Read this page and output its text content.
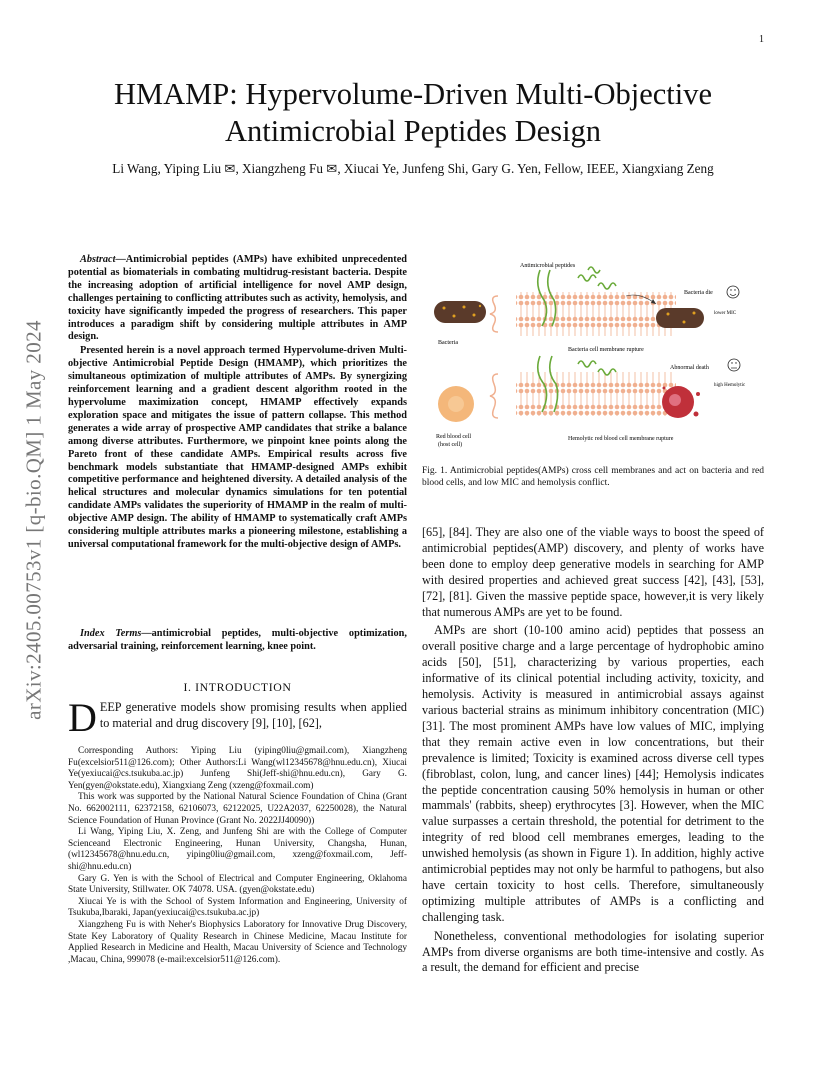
1
arXiv:2405.00753v1 [q-bio.QM] 1 May 2024
HMAMP: Hypervolume-Driven Multi-Objective Antimicrobial Peptides Design
Li Wang, Yiping Liu ✉, Xiangzheng Fu ✉, Xiucai Ye, Junfeng Shi, Gary G. Yen, Fellow, IEEE, Xiangxiang Zeng

Abstract—Antimicrobial peptides (AMPs) have exhibited unprecedented potential as biomaterials in combating multidrug-resistant bacteria. Despite the increasing adoption of artificial intelligence for novel AMP design, challenges pertaining to conflicting attributes such as activity, hemolysis, and toxicity have significantly impeded the progress of researchers. This paper introduces a paradigm shift by considering multiple attributes in AMP design.

Presented herein is a novel approach termed Hypervolume-driven Multi-objective Antimicrobial Peptide Design (HMAMP), which prioritizes the simultaneous optimization of multiple attributes of AMPs. By synergizing reinforcement learning and a gradient descent algorithm rooted in the hypervolume maximization concept, HMAMP effectively expands exploration space and mitigates the issue of pattern collapse. This method generates a wide array of prospective AMP candidates that strike a balance among diverse attributes. Furthermore, we pinpoint knee points along the Pareto front of these candidate AMPs. Empirical results across five benchmark models substantiate that HMAMP-designed AMPs exhibit competitive performance and heightened diversity. A detailed analysis of the helical structures and molecular dynamics simulations for ten potential candidate AMPs validates the superiority of HMAMP in the realm of multi-objective AMP design. The ability of HMAMP to systematically craft AMPs considering multiple attributes marks a pioneering milestone, establishing a universal computational framework for the multi-objective design of AMPs.

Index Terms—antimicrobial peptides, multi-objective optimization, adversarial training, reinforcement learning, knee point.
I. INTRODUCTION
DEEP generative models show promising results when applied to material and drug discovery [9], [10], [62],

Corresponding Authors: Yiping Liu (yiping0liu@gmail.com), Xiangzheng Fu(excelsior511@126.com); Other Authors:Li Wang(wl12345678@hnu.edu.cn), Xiucai Ye(yexiucai@cs.tsukuba.ac.jp) Junfeng Shi(Jeff-shi@hnu.edu.cn), Gary G. Yen(gyen@okstate.edu), Xiangxiang Zeng (xzeng@foxmail.com)

This work was supported by the National Natural Science Foundation of China (Grant No. 662002111, 62372158, 62106073, 62122025, U22A2037, 62250028), the Natural Science Foundation of Hunan Province (Grant No. 2022JJ40090))

Li Wang, Yiping Liu, X. Zeng, and Junfeng Shi are with the College of Computer Scienceand Electronic Engineering, Hunan University, Changsha, Hunan, (wl12345678@hnu.edu.cn, yiping0liu@gmail.com, xzeng@foxmail.com, Jeff-shi@hnu.edu.cn)

Gary G. Yen is with the School of Electrical and Computer Engineering, Oklahoma State University, Stillwater. OK 74078. USA. (gyen@okstate.edu)

Xiucai Ye is with the School of System Information and Engineering, University of Tsukuba,Ibaraki, Japan(yexiucai@cs.tsukuba.ac.jp)

Xiangzheng Fu is with Neher's Biophysics Laboratory for Innovative Drug Discovery, State Key Laboratory of Quality Research in Chinese Medicine, Macau Institute for Applied Research in Medicine and Health, Macau University of Science and Technology ,Macau, China, 999078 (e-mail:excelsior511@126.com).

Antimicrobial peptides
Bacteria
Bacteria die
lower MIC
Bacteria cell membrane rupture
Red blood cell
(host cell)
Abnormal death
high Hemolytic
Hemolytic red blood cell membrane rupture
Fig. 1. Antimicrobial peptides(AMPs) cross cell membranes and act on bacteria and red blood cells, and low MIC and hemolysis conflict.

[65], [84]. They are also one of the viable ways to boost the speed of antimicrobial peptides(AMP) discovery, and plenty of works have been done to employ deep generative models in searching for AMP with desired properties and achieved great success [42], [43], [53], [72], [81]. Given the massive peptide space, however,it is very likely that numerous AMPs are yet to be found.

AMPs are short (10-100 amino acid) peptides that possess an overall positive charge and a large percentage of hydrophobic amino acids [50], [51], characterizing by various properties, each informative of its clinical potential including activity, toxicity, and hemolysis. Activity is measured in antimicrobial assays against various bacterial strains as minimum inhibitory concentration (MIC) [31]. The most prominent AMPs have low values of MIC, implying that they remain active even in low concentrations, but their prevalence is limited; Toxicity is examined across diverse cell types (fibroblast, colon, lung, and cancer lines) [44]; Hemolysis indicates the peptide concentration causing 50% hemolysis in human or other mammals' (rabbits, sheep) erythrocytes [3]. However, when the MIC value surpasses a certain threshold, the potential for detriment to the integrity of red blood cell membranes emerges, leading to the unwished hemolysis (as shown in Figure 1). In addition, highly active antimicrobial peptides may not only be harmful to pathogens, but also have certain toxicity to host cells. Therefore, simultaneously optimizing multiple attributes of AMPs is a conflicting and challenging task.

Nonetheless, conventional methodologies for isolating superior AMPs from diverse organisms are both time-intensive and costly. As a result, the demand for efficient and precise
